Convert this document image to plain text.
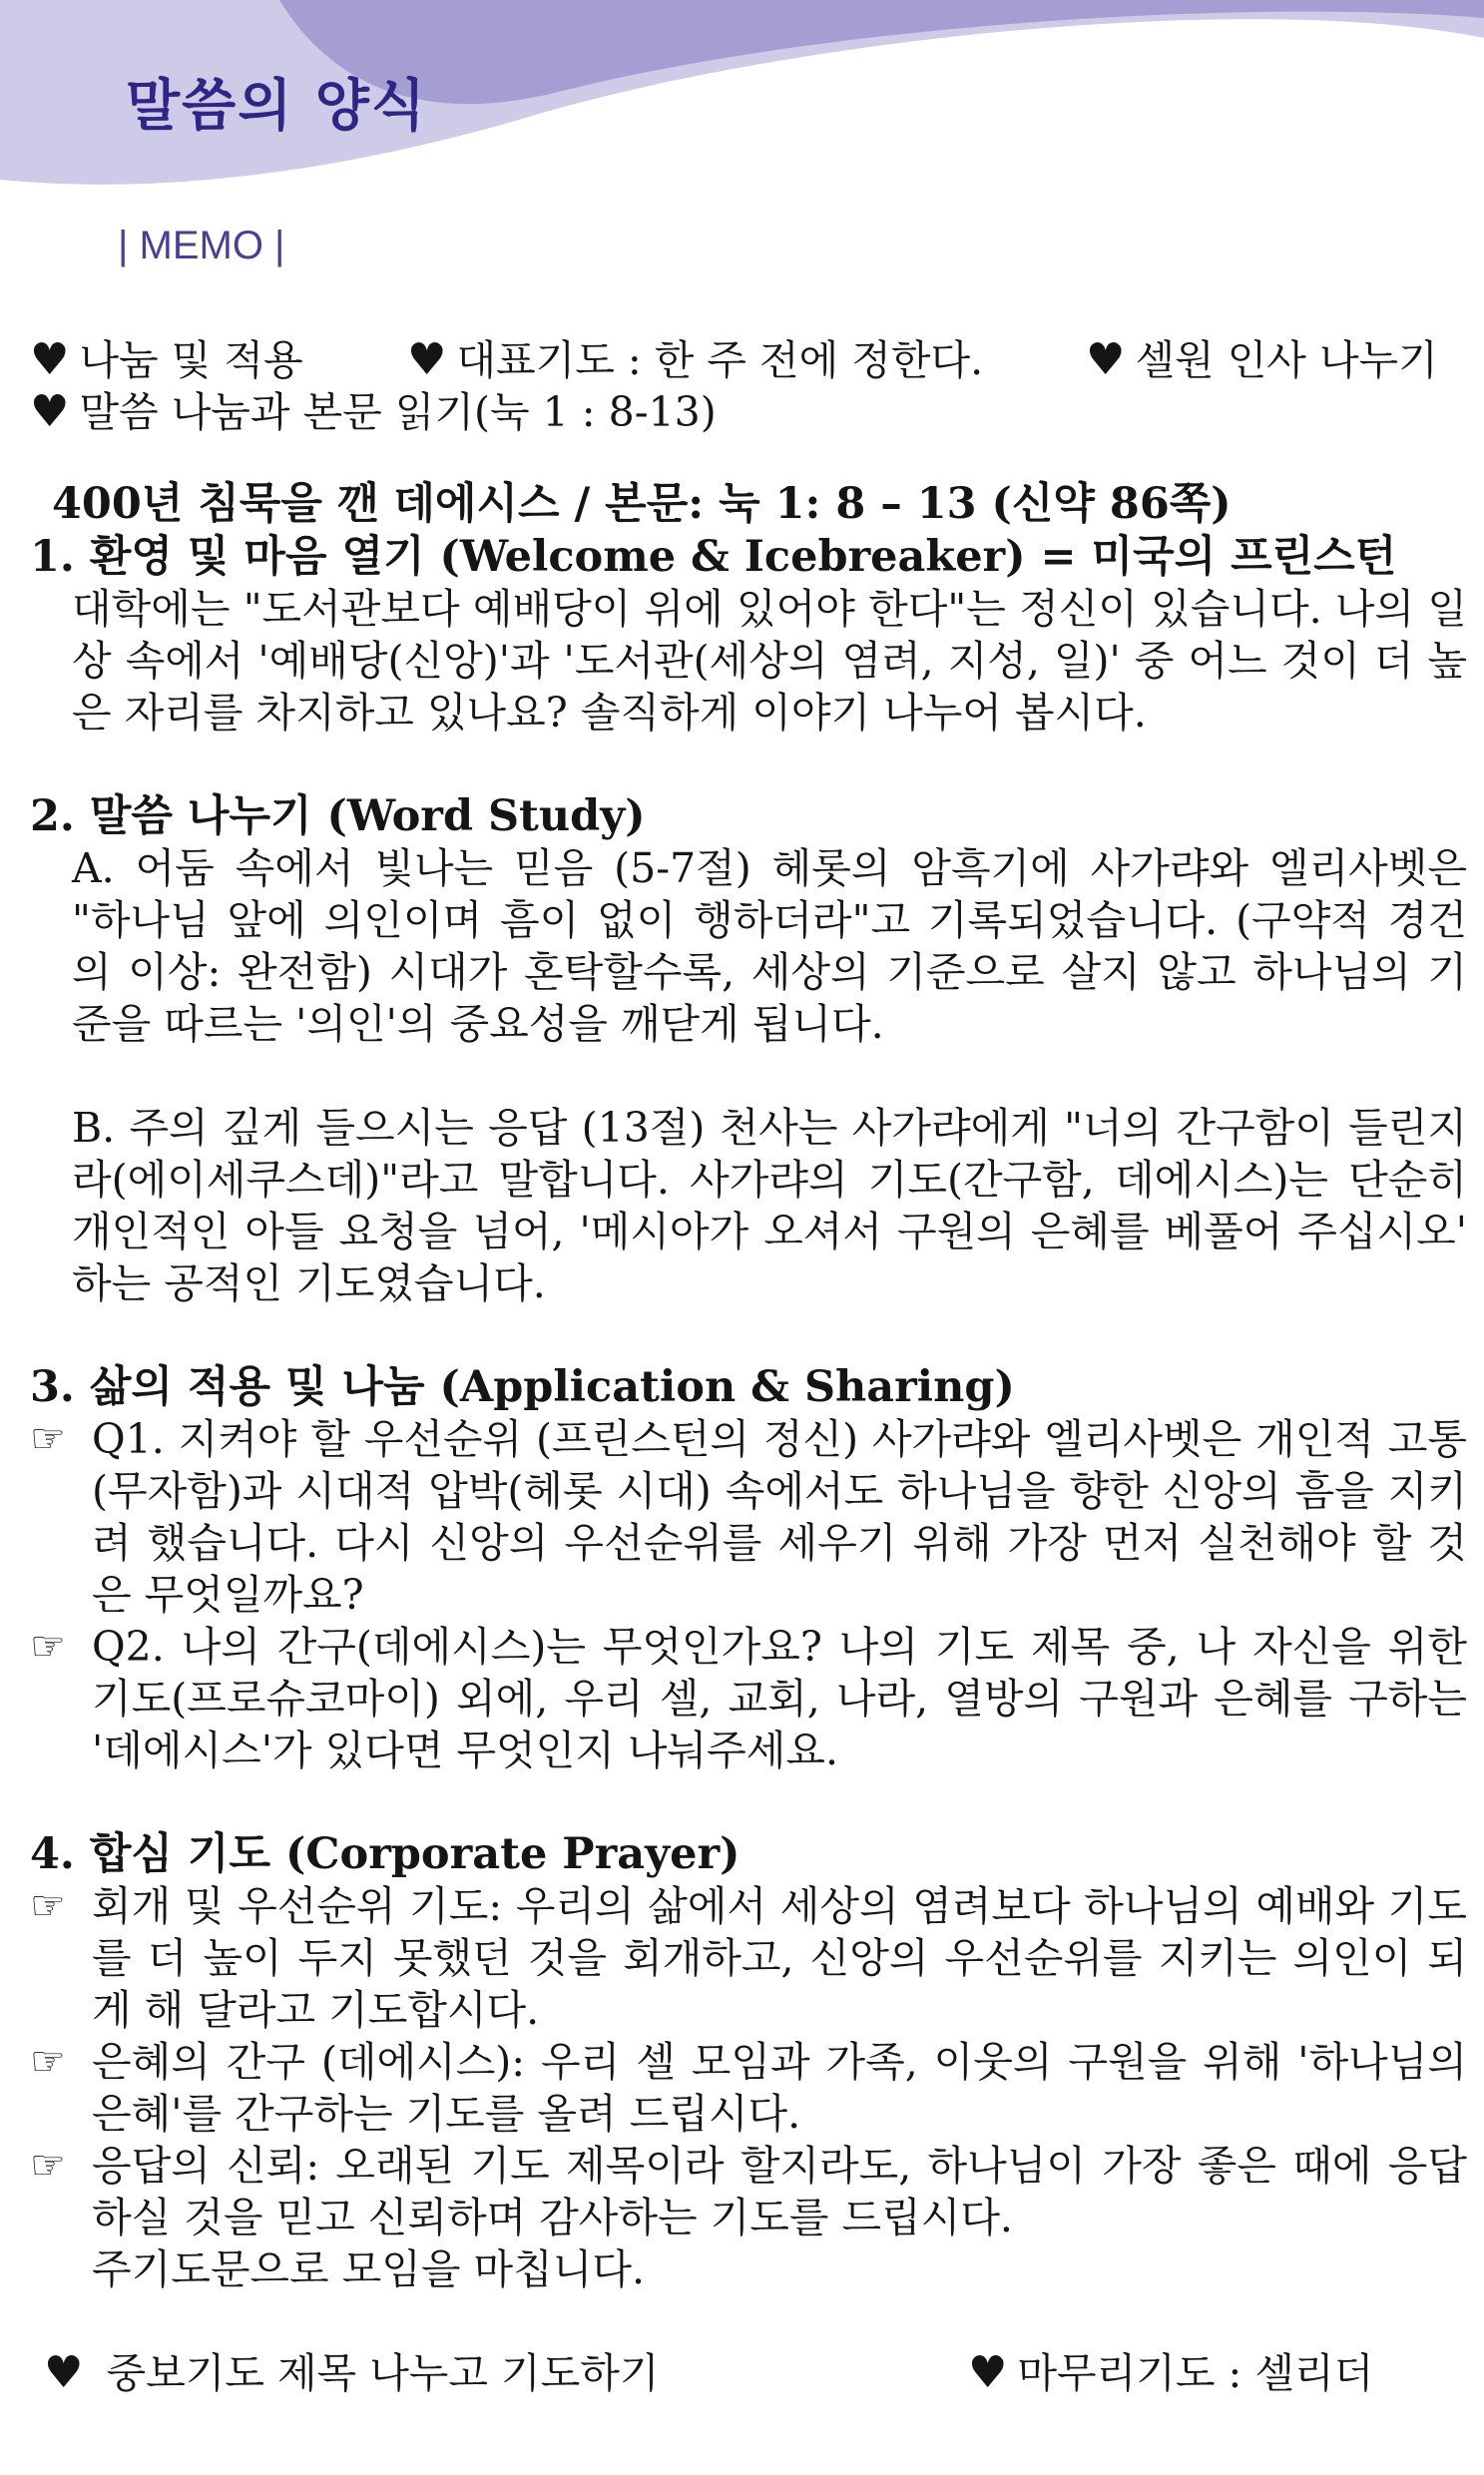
말씀의 양식
| MEMO |
♥ 나눔 및 적용 ♥ 대표기도 : 한 주 전에 정한다. ♥ 셀원 인사 나누기
♥ 말씀 나눔과 본문 읽기(눅 1 : 8-13)
400년 침묵을 깬 데에시스 / 본문: 눅 1: 8 – 13 (신약 86쪽)
1. 환영 및 마음 열기 (Welcome & Icebreaker) = 미국의 프린스턴
대학에는 "도서관보다 예배당이 위에 있어야 한다"는 정신이 있습니다. 나의 일상 속에서 '예배당(신앙)'과 '도서관(세상의 염려, 지성, 일)' 중 어느 것이 더 높은 자리를 차지하고 있나요? 솔직하게 이야기 나누어 봅시다.
2. 말씀 나누기 (Word Study)
A. 어둠 속에서 빛나는 믿음 (5-7절) 헤롯의 암흑기에 사가랴와 엘리사벳은 "하나님 앞에 의인이며 흠이 없이 행하더라"고 기록되었습니다. (구약적 경건의 이상: 완전함) 시대가 혼탁할수록, 세상의 기준으로 살지 않고 하나님의 기준을 따르는 '의인'의 중요성을 깨닫게 됩니다.
B. 주의 깊게 들으시는 응답 (13절) 천사는 사가랴에게 "너의 간구함이 들린지라(에이세쿠스데)"라고 말합니다. 사가랴의 기도(간구함, 데에시스)는 단순히 개인적인 아들 요청을 넘어, '메시아가 오셔서 구원의 은혜를 베풀어 주십시오' 하는 공적인 기도였습니다.
3. 삶의 적용 및 나눔 (Application & Sharing)
☞ Q1. 지켜야 할 우선순위 (프린스턴의 정신) 사가랴와 엘리사벳은 개인적 고통(무자함)과 시대적 압박(헤롯 시대) 속에서도 하나님을 향한 신앙의 흠을 지키려 했습니다. 다시 신앙의 우선순위를 세우기 위해 가장 먼저 실천해야 할 것은 무엇일까요?
☞ Q2. 나의 간구(데에시스)는 무엇인가요? 나의 기도 제목 중, 나 자신을 위한 기도(프로슈코마이) 외에, 우리 셀, 교회, 나라, 열방의 구원과 은혜를 구하는 '데에시스'가 있다면 무엇인지 나눠주세요.
4. 합심 기도 (Corporate Prayer)
☞ 회개 및 우선순위 기도: 우리의 삶에서 세상의 염려보다 하나님의 예배와 기도를 더 높이 두지 못했던 것을 회개하고, 신앙의 우선순위를 지키는 의인이 되게 해 달라고 기도합시다.
☞ 은혜의 간구 (데에시스): 우리 셀 모임과 가족, 이웃의 구원을 위해 '하나님의 은혜'를 간구하는 기도를 올려 드립시다.
☞ 응답의 신뢰: 오래된 기도 제목이라 할지라도, 하나님이 가장 좋은 때에 응답하실 것을 믿고 신뢰하며 감사하는 기도를 드립시다.
주기도문으로 모임을 마칩니다.
♥ 중보기도 제목 나누고 기도하기	♥ 마무리기도 : 셀리더
